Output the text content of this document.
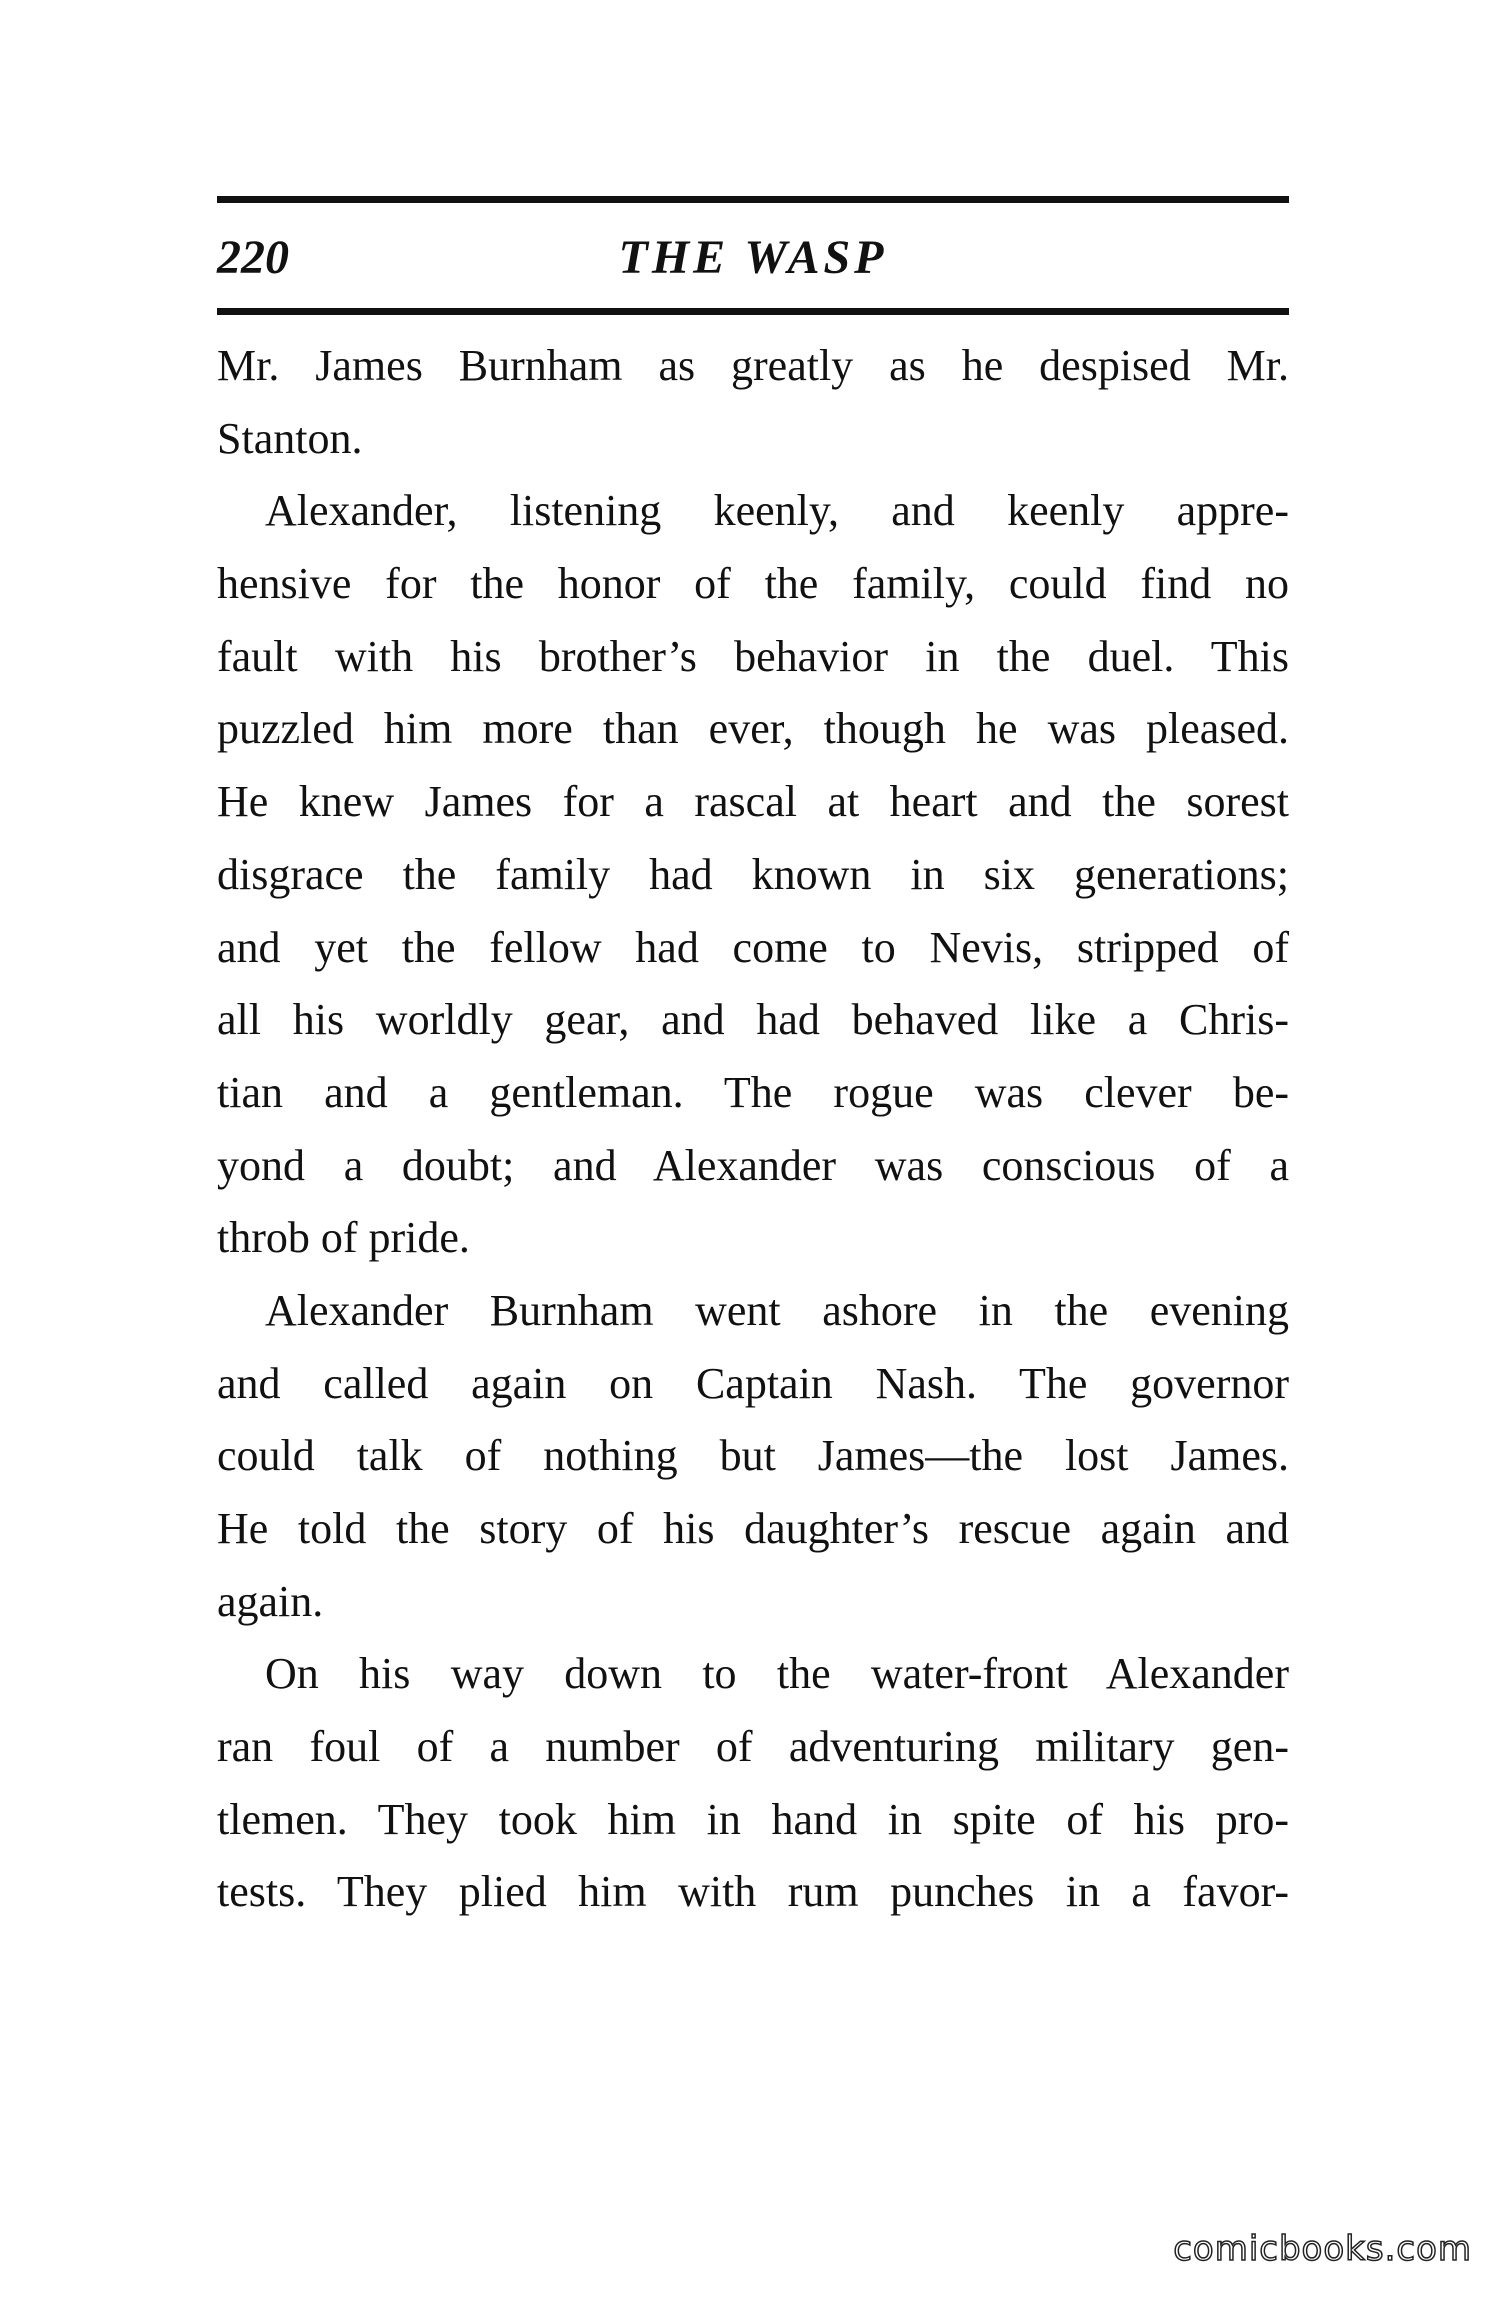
220	THE WASP
Mr. James Burnham as greatly as he despised Mr.
Stanton.
Alexander, listening keenly, and keenly appre-
hensive for the honor of the family, could find no
fault with his brother’s behavior in the duel. This
puzzled him more than ever, though he was pleased.
He knew James for a rascal at heart and the sorest
disgrace the family had known in six generations;
and yet the fellow had come to Nevis, stripped of
all his worldly gear, and had behaved like a Chris-
tian and a gentleman. The rogue was clever be-
yond a doubt; and Alexander was conscious of a
throb of pride.
Alexander Burnham went ashore in the evening
and called again on Captain Nash. The governor
could talk of nothing but James—the lost James.
He told the story of his daughter’s rescue again and
again.
On his way down to the water-front Alexander
ran foul of a number of adventuring military gen-
tlemen. They took him in hand in spite of his pro-
tests. They plied him with rum punches in a favor-
comicbooks.com
